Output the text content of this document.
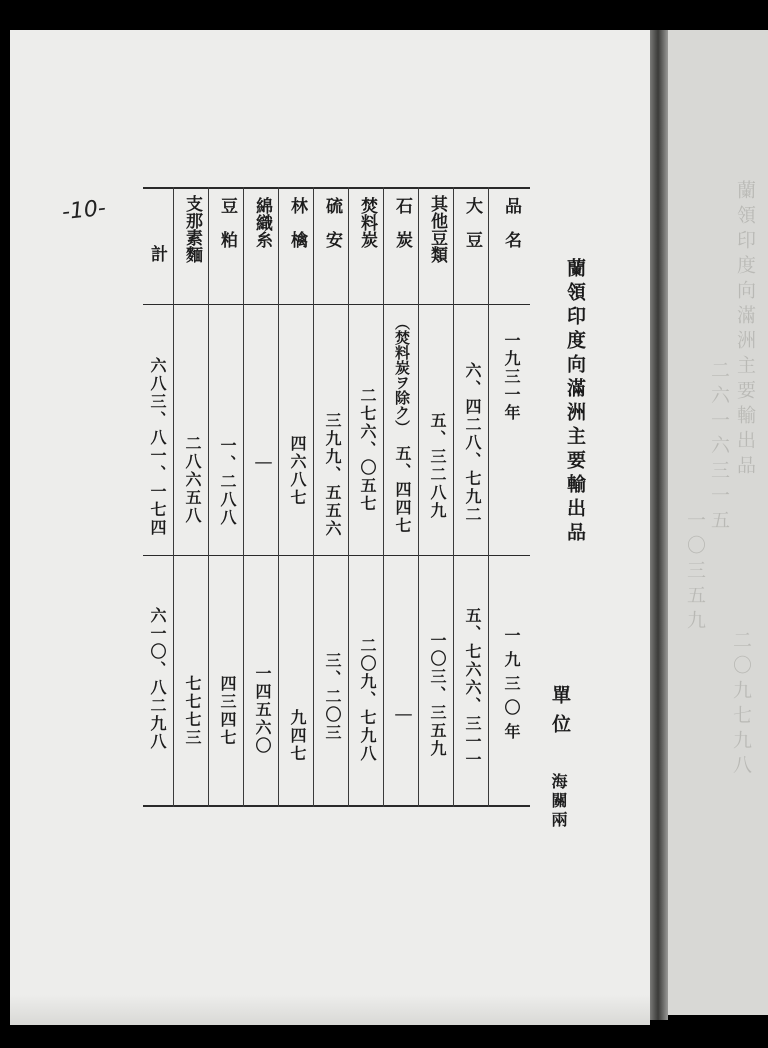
蘭領印度向滿洲主要輸出品
二六一六三一五
一〇三五九
二〇九七九八
-10-
蘭領印度向滿洲主要輸出品
單位
海關兩
品　名
一九三一年
一九三〇年
大　豆
六、四二八、七九二
五、七六六、三一一
其他豆類
五、三二八九
一〇三、三五九
石　炭
（焚料炭ヲ除ク）
五、四四七
｜
焚料炭
二七六、〇五七
二〇九、七九八
硫　安
三九九、五五六
三、二〇三
林　檎
四六八七
九四七
綿織糸
｜
一四五六〇
豆　粕
一、二八八
四三四七
支那素麵
二八六五八
七七七三
計
六八三、八一、一七四
六一〇、八二九八
